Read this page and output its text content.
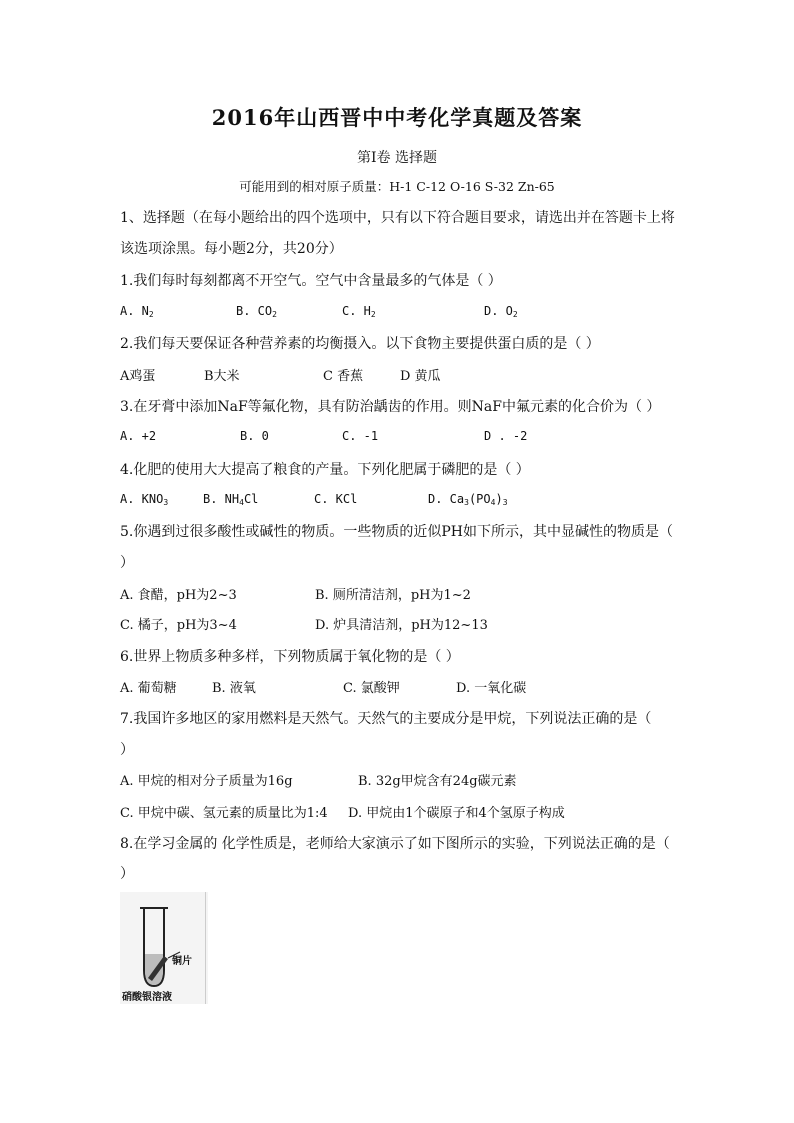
2016年山西晋中中考化学真题及答案
第Ⅰ卷 选择题
可能用到的相对原子质量：H-1 C-12 O-16 S-32 Zn-65
1、选择题（在每小题给出的四个选项中，只有以下符合题目要求，请选出并在答题卡上将
该选项涂黑。每小题2分，共20分）
1.我们每时每刻都离不开空气。空气中含量最多的气体是（ ）
A. $N_2$	B. $CO_2$	C. $H_2$	D. $O_2$
2.我们每天要保证各种营养素的均衡摄入。以下食物主要提供蛋白质的是（ ）
A鸡蛋	B大米	C 香蕉	D 黄瓜
3.在牙膏中添加NaF等氟化物，具有防治龋齿的作用。则NaF中氟元素的化合价为（ ）
A. +2	B. 0	C. -1	D . -2
4.化肥的使用大大提高了粮食的产量。下列化肥属于磷肥的是（ ）
A. $KNO_3$	B. $NH_4Cl$	C. KCl	D. $Ca_3(PO_4)_3$
5.你遇到过很多酸性或碱性的物质。一些物质的近似PH如下所示，其中显碱性的物质是（
）
A. 食醋，pH为2~3	B. 厕所清洁剂，pH为1~2
C. 橘子，pH为3~4	D. 炉具清洁剂，pH为12~13
6.世界上物质多种多样，下列物质属于氧化物的是（ ）
A. 葡萄糖	B. 液氧	C. 氯酸钾	D. 一氧化碳
7.我国许多地区的家用燃料是天然气。天然气的主要成分是甲烷，下列说法正确的是（
）
A. 甲烷的相对分子质量为16g	B. 32g甲烷含有24g碳元素
C. 甲烷中碳、氢元素的质量比为1:4 D. 甲烷由1个碳原子和4个氢原子构成
8.在学习金属的 化学性质是，老师给大家演示了如下图所示的实验，下列说法正确的是（
）
铜片
硝酸银溶液
